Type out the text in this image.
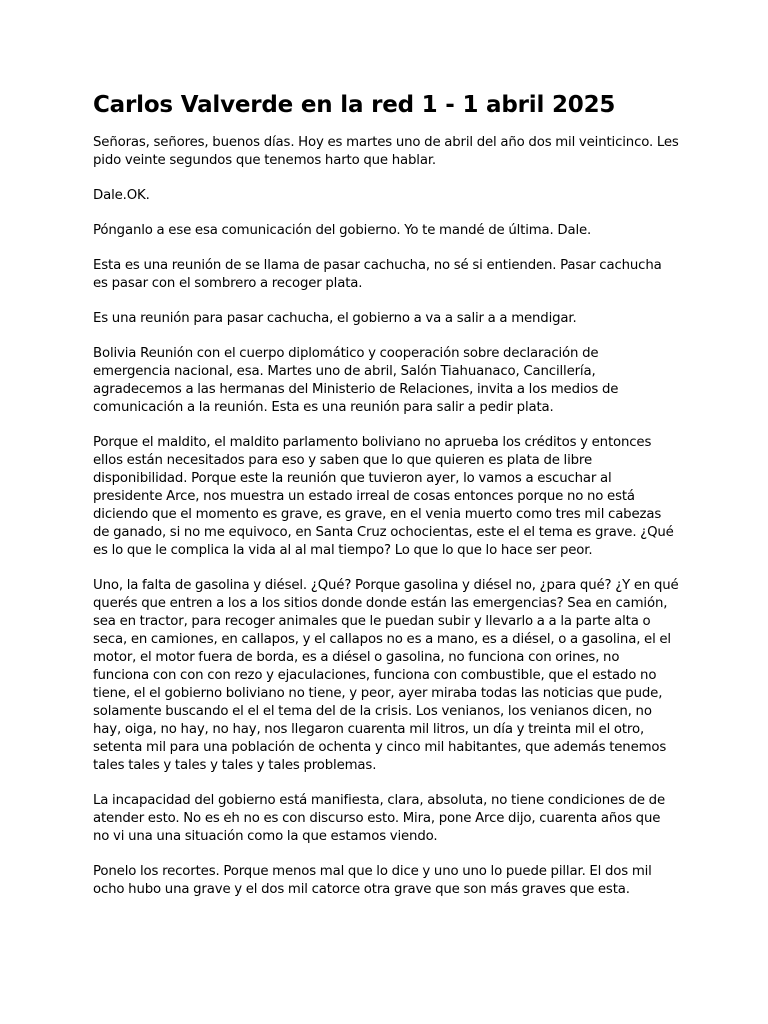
Carlos Valverde en la red 1 - 1 abril 2025

Señoras, señores, buenos días. Hoy es martes uno de abril del año dos mil veinticinco. Les pido veinte segundos que tenemos harto que hablar.

Dale.OK.

Pónganlo a ese esa comunicación del gobierno. Yo te mandé de última. Dale.

Esta es una reunión de se llama de pasar cachucha, no sé si entienden. Pasar cachucha es pasar con el sombrero a recoger plata.

Es una reunión para pasar cachucha, el gobierno a va a salir a a mendigar.

Bolivia Reunión con el cuerpo diplomático y cooperación sobre declaración de emergencia nacional, esa. Martes uno de abril, Salón Tiahuanaco, Cancillería, agradecemos a las hermanas del Ministerio de Relaciones, invita a los medios de comunicación a la reunión. Esta es una reunión para salir a pedir plata.

Porque el maldito, el maldito parlamento boliviano no aprueba los créditos y entonces ellos están necesitados para eso y saben que lo que quieren es plata de libre disponibilidad. Porque este la reunión que tuvieron ayer, lo vamos a escuchar al presidente Arce, nos muestra un estado irreal de cosas entonces porque no no está diciendo que el momento es grave, es grave, en el venia muerto como tres mil cabezas de ganado, si no me equivoco, en Santa Cruz ochocientas, este el el tema es grave. ¿Qué es lo que le complica la vida al al mal tiempo? Lo que lo que lo hace ser peor.

Uno, la falta de gasolina y diésel. ¿Qué? Porque gasolina y diésel no, ¿para qué? ¿Y en qué querés que entren a los a los sitios donde donde están las emergencias? Sea en camión, sea en tractor, para recoger animales que le puedan subir y llevarlo a a la parte alta o seca, en camiones, en callapos, y el callapos no es a mano, es a diésel, o a gasolina, el el motor, el motor fuera de borda, es a diésel o gasolina, no funciona con orines, no funciona con con con rezo y ejaculaciones, funciona con combustible, que el estado no tiene, el el gobierno boliviano no tiene, y peor, ayer miraba todas las noticias que pude, solamente buscando el el el tema del de la crisis. Los venianos, los venianos dicen, no hay, oiga, no hay, no hay, nos llegaron cuarenta mil litros, un día y treinta mil el otro, setenta mil para una población de ochenta y cinco mil habitantes, que además tenemos tales tales y tales y tales y tales problemas.

La incapacidad del gobierno está manifiesta, clara, absoluta, no tiene condiciones de de atender esto. No es eh no es con discurso esto. Mira, pone Arce dijo, cuarenta años que no vi una una situación como la que estamos viendo.

Ponelo los recortes. Porque menos mal que lo dice y uno uno lo puede pillar. El dos mil ocho hubo una grave y el dos mil catorce otra grave que son más graves que esta.
